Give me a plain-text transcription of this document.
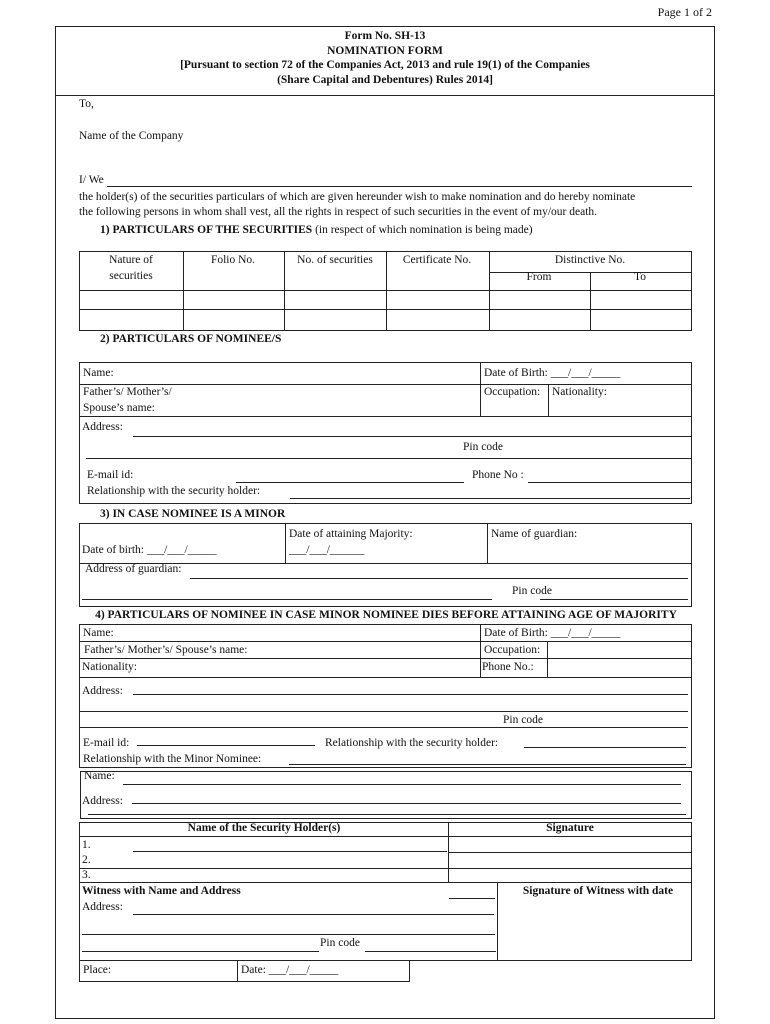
Page 1 of 2
Form No. SH-13
NOMINATION FORM
[Pursuant to section 72 of the Companies Act, 2013 and rule 19(1) of the Companies
(Share Capital and Debentures) Rules 2014]
To,
Name of the Company
I/ We
the holder(s) of the securities particulars of which are given hereunder wish to make nomination and do hereby nominate
the following persons in whom shall vest, all the rights in respect of such securities in the event of my/our death.
1) PARTICULARS OF THE SECURITIES (in respect of which nomination is being made)
Nature of
securities
Folio No.	No. of securities	Certificate No.	Distinctive No.
From	To
2) PARTICULARS OF NOMINEE/S
Name:	Date of Birth: ___/___/_____
Father’s/ Mother’s/
Spouse’s name:
Occupation: Nationality:
Address:
Pin code
E-mail id:	Phone No :
Relationship with the security holder:
3) IN CASE NOMINEE IS A MINOR
Date of birth: ___/___/_____
Date of attaining Majority:
___/___/______
Name of guardian:
Address of guardian:
Pin code
4) PARTICULARS OF NOMINEE IN CASE MINOR NOMINEE DIES BEFORE ATTAINING AGE OF MAJORITY
Name:	Date of Birth: ___/___/_____
Father’s/ Mother’s/ Spouse’s name:	Occupation:
Nationality:	Phone No.:
Address:
Pin code
E-mail id:	Relationship with the security holder:
Relationship with the Minor Nominee:
Name:
Address:
Name of the Security Holder(s)	Signature
1.
2.
3.
Witness with Name and Address
Address:
Pin code
Signature of Witness with date
Place:	Date: ___/___/_____
